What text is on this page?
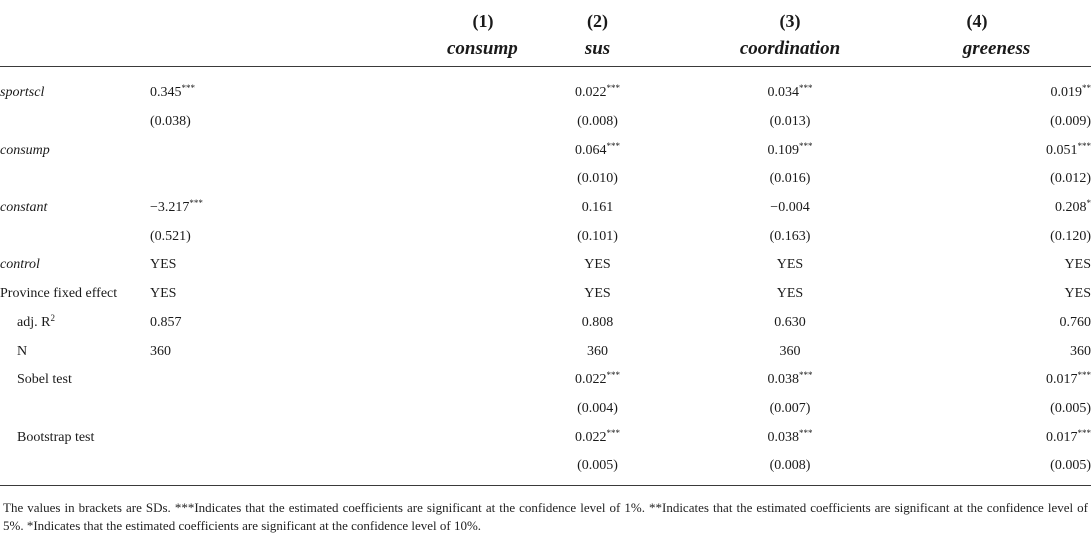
	(1)	(2)	(3)	(4)
	consump	sus	coordination	greeness

sportscl	0.345***	0.022***	0.034***	0.019**
	(0.038)	(0.008)	(0.013)	(0.009)
consump		0.064***	0.109***	0.051***
		(0.010)	(0.016)	(0.012)
constant	−3.217***	0.161	−0.004	0.208*
	(0.521)	(0.101)	(0.163)	(0.120)
control	YES	YES	YES	YES
Province fixed effect	YES	YES	YES	YES
adj. $R^2$	0.857	0.808	0.630	0.760
N	360	360	360	360
Sobel test		0.022***	0.038***	0.017***
		(0.004)	(0.007)	(0.005)
Bootstrap test		0.022***	0.038***	0.017***
		(0.005)	(0.008)	(0.005)
The values in brackets are SDs. ***Indicates that the estimated coefficients are significant at the confidence level of 1%. **Indicates that the estimated coefficients are significant at the confidence level of 5%. *Indicates that the estimated coefficients are significant at the confidence level of 10%.
